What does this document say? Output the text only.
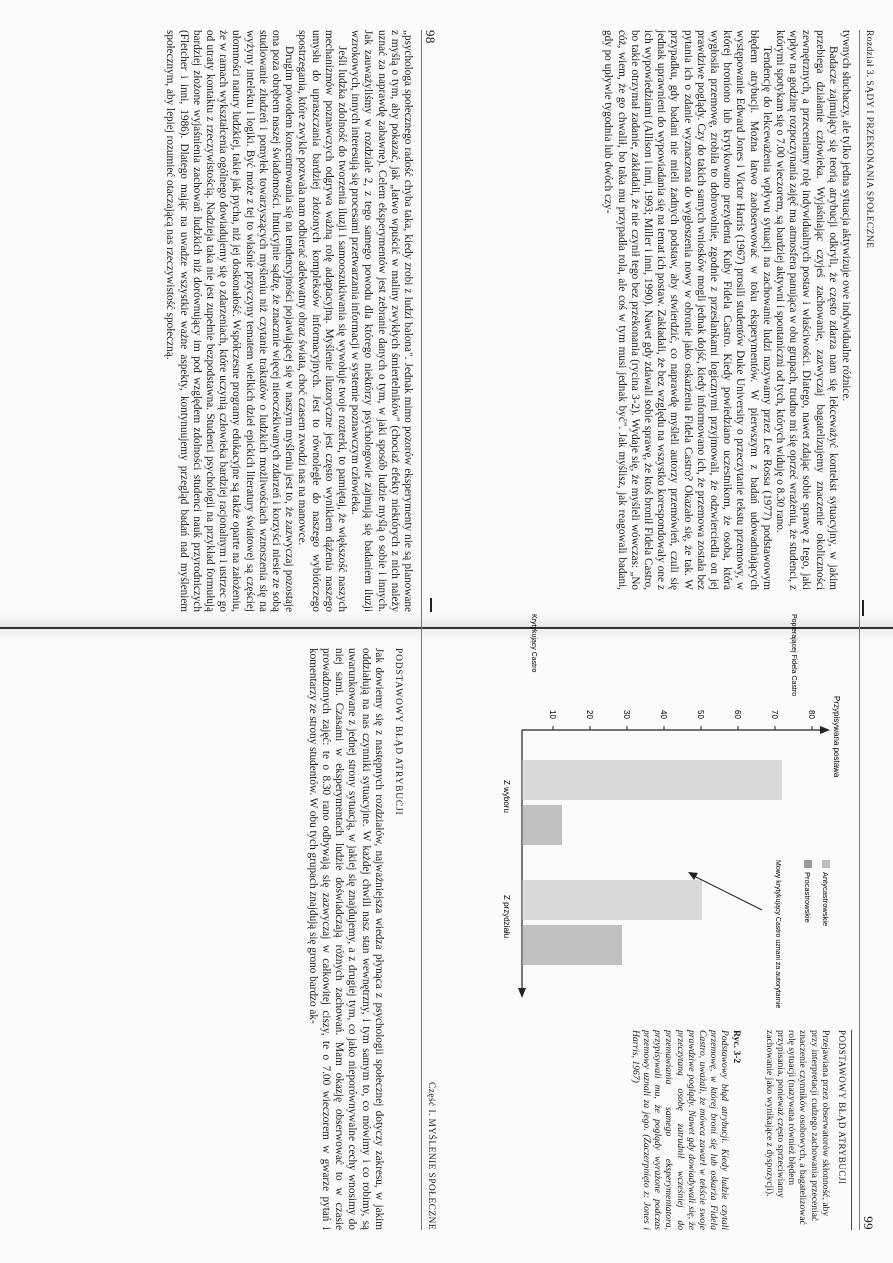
98
Część I. MYŚLENIE SPOŁECZNE

„psychologa społecznego radość chyba taka, kiedy zrobi z ludzi balona". Jednak mimo pozorów eksperymenty nie są planowane z myślą o tym, aby pokazać, jak „łatwo wpuścić w maliny zwykłych śmiertelników" (chociaż efekty niektórych z nich należy uznać za naprawdę zabawne). Celem eksperymentów jest zebranie danych o tym, w jaki sposób ludzie myślą o sobie i innych. Jak zauważyliśmy w rozdziale 2, z tego samego powodu dla którego niektórzy psychologowie zajmują się badaniem iluzji wzrokowych, innych interesują się procesami przetwarzania informacji w systemie poznawczym człowieka.

Jeśli ludzka zdolność do tworzenia iluzji i samooszukiwania się wywołuje twoje rozterki, to pamiętaj, że większość naszych mechanizmów poznawczych odgrywa ważną rolę adaptacyjną. Myślenie iluzoryczne jest często wynikiem dążenia naszego umysłu do upraszczania bardziej złożonych kompleksów informacyjnych. Jest to równoległe do naszego wybiórczego spostrzegania, które zwykle pozwala nam odbierać adekwatny obraz świata, choć czasem zwodzi nas na manowce.

Drugim powodem koncentrowania się na tendencyjności pojawiającej się w naszym myśleniu jest to, że zazwyczaj pozostaje ona poza obrębem naszej świadomości. Intuicyjnie sądzę, że znacznie więcej nieoczekiwanych zdarzeń i korzyści niesie ze sobą studiowanie złudzeń i pomyłek towarzyszących myśleniu niż czytanie traktatów o ludzkich możliwościach wznoszenia się na wyżyny intelektu i logiki. Być może z tej to właśnie przyczyny tematem wielkich dzieł epickich literatury światowej są częściej ułomności natury ludzkiej, takie jak pycha, niż jej doskonałość. Współczesne programy edukacyjne są także oparte na założeniu, że w ramach wykształcenia ogólnego dowiadujemy się o zdarzeniach, które uczynią człowieka bardziej racjonalnym i ustrzec go od utraty kontaktu z rzeczywistością. Nadzieja taka nie jest zupełnie bezpodstawna. Studenci psychologii na przykład formułują bardziej złożone wyjaśnienia zachowań ludzkich niż dorównujący im pod względem zdolności studenci nauk przyrodniczych (Fletcher i inni, 1986). Dlatego mając na uwadze wszystkie ważne aspekty, kontynuujemy przegląd badań nad myśleniem społecznym, aby lepiej rozumieć otaczającą nas rzeczywistość społeczną.

PODSTAWOWY BŁĄD ATRYBUCJI

Jak dowiemy się z następnych rozdziałów, najważniejsza wiedza płynąca z psychologii społecznej dotyczy zakresu, w jakim oddziałują na nas czynniki sytuacyjne. W każdej chwili nasz stan wewnętrzny, i tym samym to, co mówimy i co robimy, są uwarunkowane z jednej strony sytuacją, w jakiej się znajdujemy, a z drugiej tym, co jako nieporównywalne cechy wnosimy do niej sami. Czasami w eksperymentach ludzie doświadczają różnych zachowań. Mam okazję obserwować to w czasie prowadzonych zajęć: te o 8.30 rano odbywają się zazwyczaj w całkowitej ciszy, te o 7.00 wieczorem w gwarze pytań i komentarzy ze strony studentów. W obu tych grupach znajdują się grono bardzo ak-

Rozdział 3. SĄDY I PRZEKONANIA SPOŁECZNE
99

tywnych słuchaczy, ale tylko jedna sytuacja aktywizuje owe indywidualne różnice.

Badacze zajmujący się teorią atrybucji odkryli, że często zdarza nam się lekceważyć kontekst sytuacyjny, w jakim przebiega działanie człowieka. Wyjaśniając czyjeś zachowanie, zazwyczaj bagatelizujemy znaczenie okoliczności zewnętrznych, a przeceniamy rolę indywidualnych postaw i właściwości. Dlatego, nawet zdając sobie sprawę z tego, jaki wpływ na godzinę rozpoczynania zajęć ma atmosfera panująca w obu grupach, trudno mi się oprzeć wrażeniu, że studenci, z którymi spotykam się o 7.00 wieczorem, są bardziej aktywni i spontaniczni od tych, których widuję o 8.30 rano.

Tendencję do lekceważenia wpływu sytuacji na zachowanie ludzi nazywamy przez Lee Rossa (1977) podstawowym błędem atrybucji. Można łatwo zaobserwować w toku eksperymentów. W pierwszym z badań udowadniających występowanie Edward Jones i Victor Harris (1967) prosili studentów Duke University o przeczytanie tekstu przemowy, w której broniono lub krytykowano prezydenta Kuby Fidela Castro. Kiedy powiedziano uczestnikom, że osoba, która wygłosiła przemowę, zrobiła to dobrowolnie, zgodnie z przesłankami logicznymi przyjmowali, że odzwierciedla on jej prawdziwe poglądy. Czy do takich samych wniosków mogli jednak dojść, kiedy informowano ich, że przemowa została bez pytania ich o zdanie wyznaczona do wygłoszenia nowy w obronie jako oskarżenia Fidela Castro? Okazało się, że tak. W przypadku, gdy badani nie mieli żadnych podstaw, aby stwierdzić, co naprawdę myśleli autorzy przemówień, czuli się jednak uprawnieni do wypowiadania się na temat ich postaw. Zakładali, że bez względu na wszystko korespondowały one z ich wypowiedziami (Allison i inni, 1993; Miller i inni, 1990). Nawet gdy zdawali sobie sprawę, że ktoś bronił Fidela Castro, bo takie otrzymał zadanie, zakładali, że nie czynił tego bez przekonania (rycina 3-2). Wydaje się, że myśleli wówczas: „No cóż, wiem, że go chwalił, bo taka mu przypadła rola, ale coś w tym musi jednak być". Jak myślisz, jak reagowali badani, gdy po upływie tygodnia lub dwóch czy-

Przypisywana postawa
80
70
60
50
40
30
20
10
Mowy krytykujący Castro uznani za autorytarnie antycastrowskie	Antycastrowskie
Procastrowskie
Popierającej Fidela Castro
Krytykujący Castro
Z wyboru
Z przydziału
PODSTAWOWY BŁĄD ATRYBUCJI
Przejawiana przez obserwatorów skłonność, aby przy interpretacji cudzego zachowania przeceniać znaczenie czynników osobowych, a bagatelizować rolę sytuacji (nazywana również błędem przypisania, ponieważ często sprzeciwiamy zachowanie jako wynikające z dyspozycji).
Ryc. 3-2
Podstawowy błąd atrybucji. Kiedy ludzie czytali przemowę, w której broni się lub oskarża Fidela Castro, uważali, że mówca zawarł w tekście swoje prawdziwe poglądy. Nawet gdy dowiadywali się, że przeczytaną osobę zatrudnił wcześniej do przemawiania samego eksperymentatora, przypisywali mu, że poglądy wyrażone podczas przemowy uznali za jego. (Zaczerpnięto z: Jones i Harris, 1967)
